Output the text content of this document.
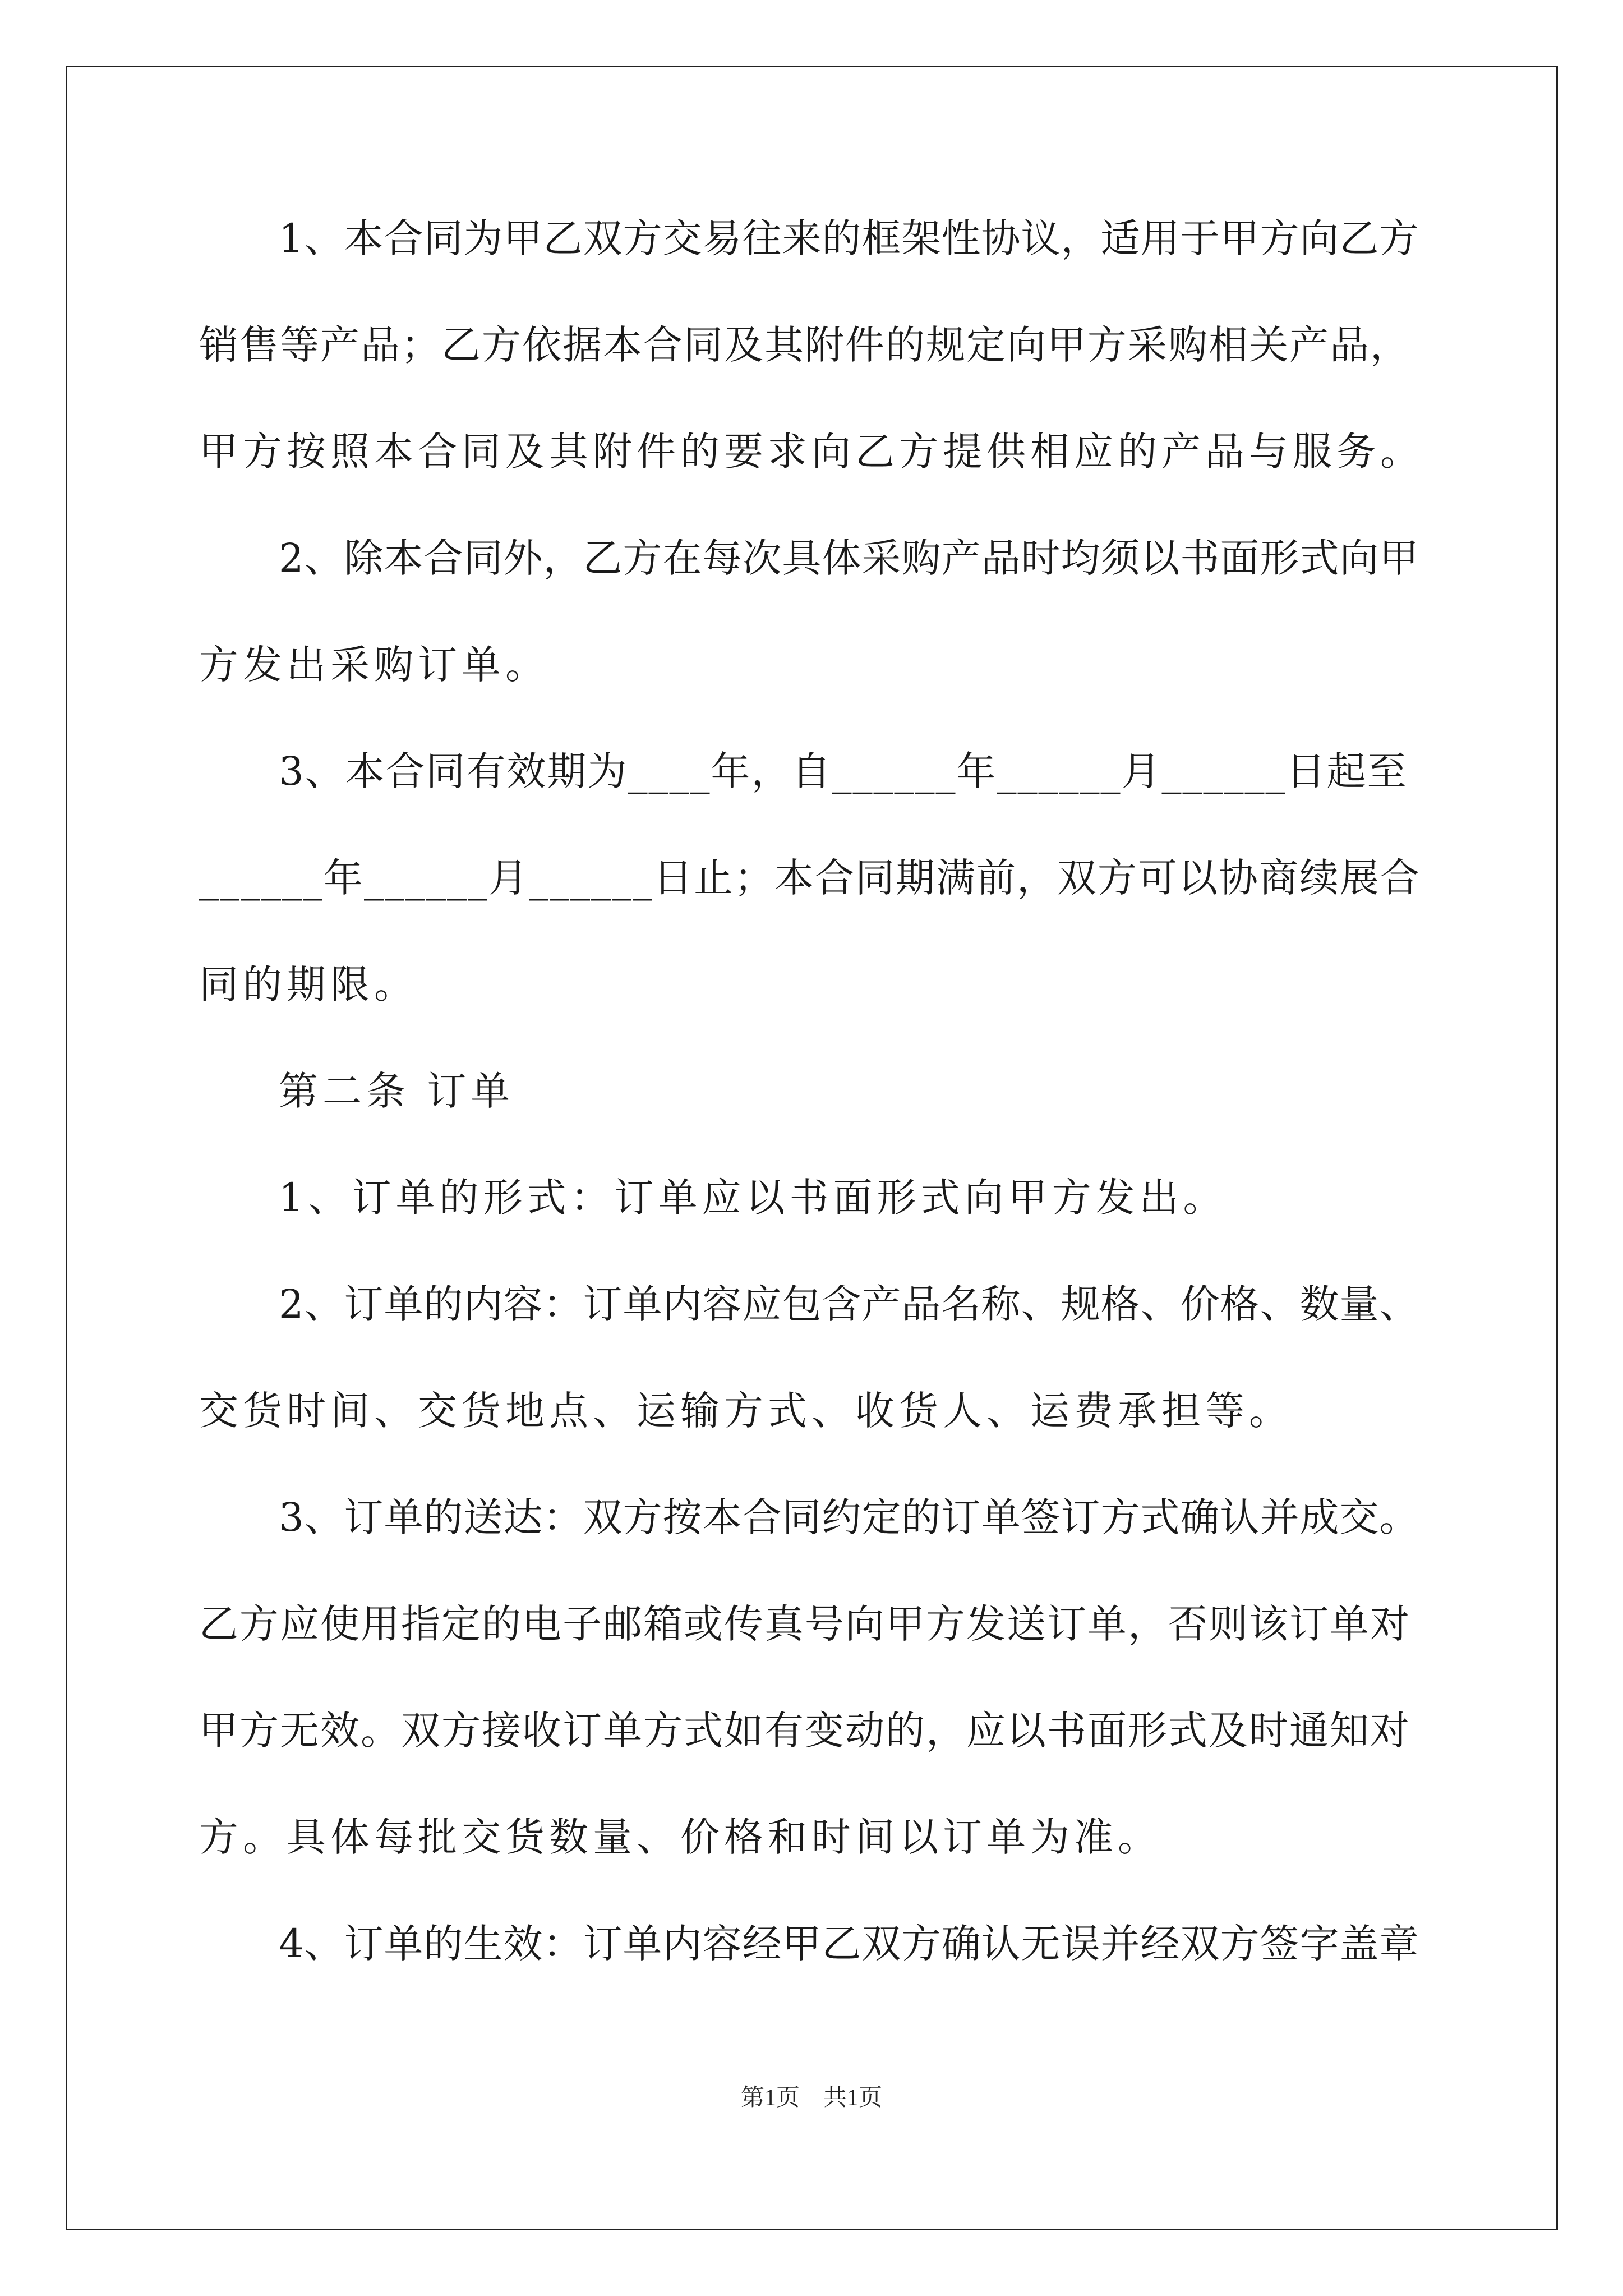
1、本合同为甲乙双方交易往来的框架性协议，适用于甲方向乙方
销售等产品；乙方依据本合同及其附件的规定向甲方采购相关产品，
甲方按照本合同及其附件的要求向乙方提供相应的产品与服务。
2、除本合同外，乙方在每次具体采购产品时均须以书面形式向甲
方发出采购订单。
3、本合同有效期为____年，自______年______月______日起至
______年______月______日止；本合同期满前，双方可以协商续展合
同的期限。
第二条 订单
1、订单的形式：订单应以书面形式向甲方发出。
2、订单的内容：订单内容应包含产品名称、规格、价格、数量、
交货时间、交货地点、运输方式、收货人、运费承担等。
3、订单的送达：双方按本合同约定的订单签订方式确认并成交。
乙方应使用指定的电子邮箱或传真号向甲方发送订单，否则该订单对
甲方无效。双方接收订单方式如有变动的，应以书面形式及时通知对
方。具体每批交货数量、价格和时间以订单为准。
4、订单的生效：订单内容经甲乙双方确认无误并经双方签字盖章
第1页　共1页
